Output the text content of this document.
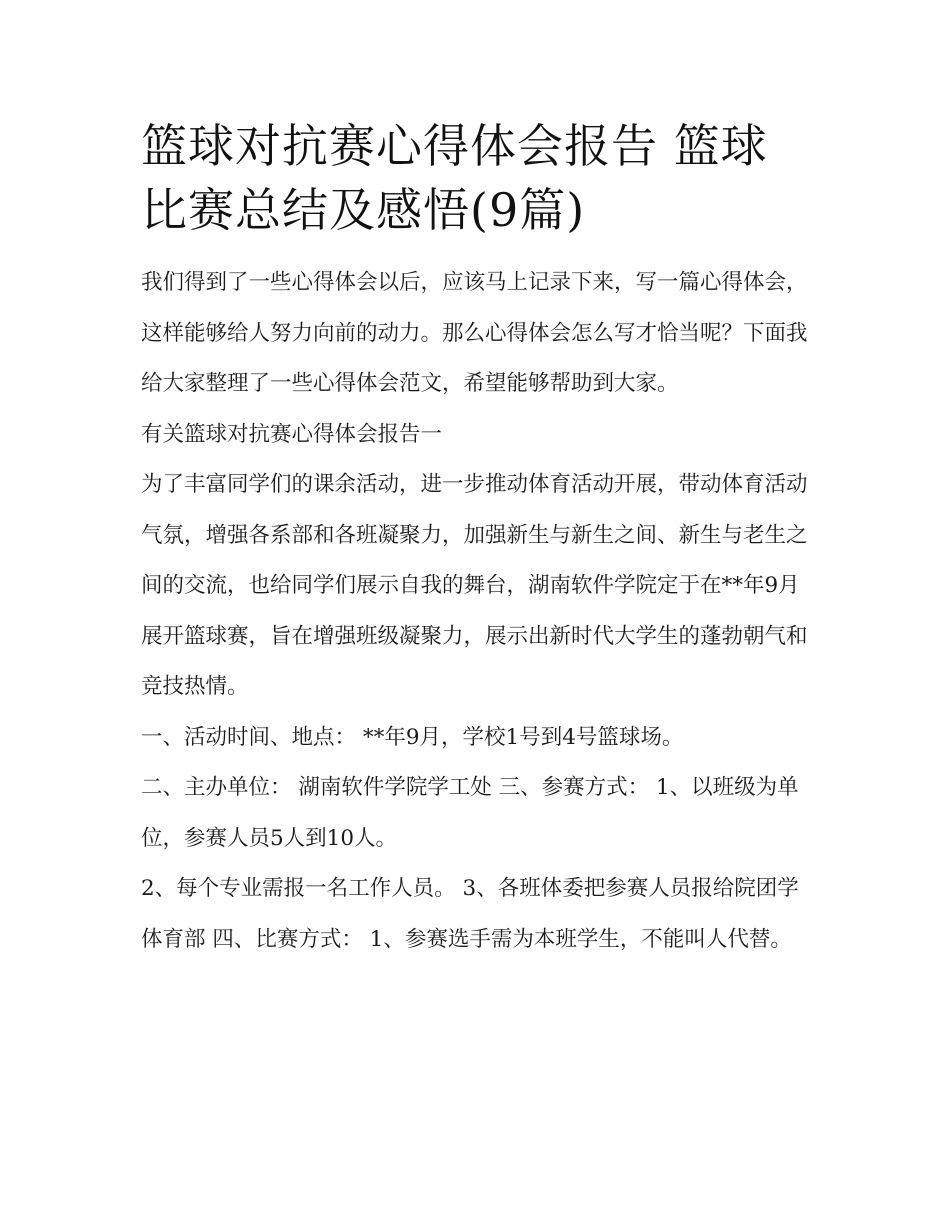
篮球对抗赛心得体会报告 篮球比赛总结及感悟(9篇)

我们得到了一些心得体会以后，应该马上记录下来，写一篇心得体会，这样能够给人努力向前的动力。那么心得体会怎么写才恰当呢？下面我给大家整理了一些心得体会范文，希望能够帮助到大家。

有关篮球对抗赛心得体会报告一

为了丰富同学们的课余活动，进一步推动体育活动开展，带动体育活动气氛，增强各系部和各班凝聚力，加强新生与新生之间、新生与老生之间的交流，也给同学们展示自我的舞台，湖南软件学院定于在**年9月展开篮球赛，旨在增强班级凝聚力，展示出新时代大学生的蓬勃朝气和竞技热情。

一、活动时间、地点： **年9月，学校1号到4号篮球场。

二、主办单位： 湖南软件学院学工处 三、参赛方式： 1、以班级为单位，参赛人员5人到10人。

2、每个专业需报一名工作人员。 3、各班体委把参赛人员报给院团学体育部 四、比赛方式： 1、参赛选手需为本班学生，不能叫人代替。
